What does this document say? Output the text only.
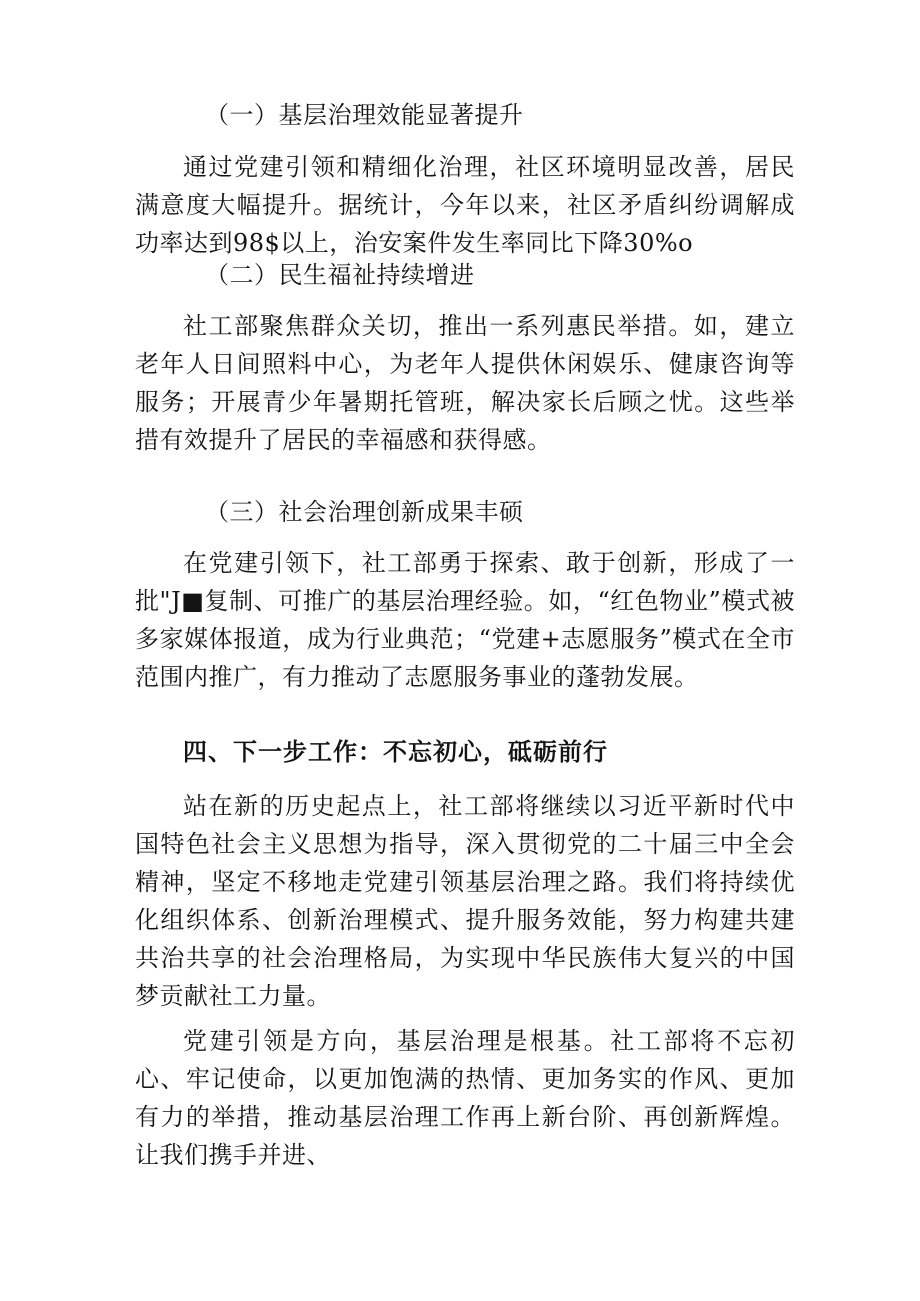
（一）基层治理效能显著提升
通过党建引领和精细化治理，社区环境明显改善，居民满意度大幅提升。据统计，今年以来，社区矛盾纠纷调解成功率达到98$以上，治安案件发生率同比下降30%o
（二）民生福祉持续增进
社工部聚焦群众关切，推出一系列惠民举措。如，建立老年人日间照料中心，为老年人提供休闲娱乐、健康咨询等服务；开展青少年暑期托管班，解决家长后顾之忧。这些举措有效提升了居民的幸福感和获得感。
（三）社会治理创新成果丰硕
在党建引领下，社工部勇于探索、敢于创新，形成了一批"J■复制、可推广的基层治理经验。如，“红色物业”模式被多家媒体报道，成为行业典范；“党建+志愿服务”模式在全市范围内推广，有力推动了志愿服务事业的蓬勃发展。
四、下一步工作：不忘初心，砥砺前行
站在新的历史起点上，社工部将继续以习近平新时代中国特色社会主义思想为指导，深入贯彻党的二十届三中全会精神，坚定不移地走党建引领基层治理之路。我们将持续优化组织体系、创新治理模式、提升服务效能，努力构建共建共治共享的社会治理格局，为实现中华民族伟大复兴的中国梦贡献社工力量。
党建引领是方向，基层治理是根基。社工部将不忘初心、牢记使命，以更加饱满的热情、更加务实的作风、更加有力的举措，推动基层治理工作再上新台阶、再创新辉煌。让我们携手并进、
